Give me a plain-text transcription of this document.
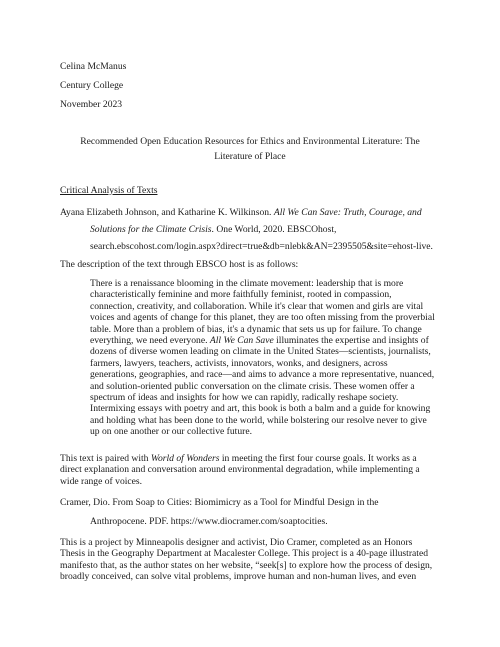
Celina McManus
Century College
November 2023
Recommended Open Education Resources for Ethics and Environmental Literature: The
Literature of Place
Critical Analysis of Texts
Ayana Elizabeth Johnson, and Katharine K. Wilkinson. All We Can Save: Truth, Courage, and
Solutions for the Climate Crisis. One World, 2020. EBSCOhost,
search.ebscohost.com/login.aspx?direct=true&db=nlebk&AN=2395505&site=ehost-live.
The description of the text through EBSCO host is as follows:
There is a renaissance blooming in the climate movement: leadership that is more
characteristically feminine and more faithfully feminist, rooted in compassion,
connection, creativity, and collaboration. While it's clear that women and girls are vital
voices and agents of change for this planet, they are too often missing from the proverbial
table. More than a problem of bias, it's a dynamic that sets us up for failure. To change
everything, we need everyone. All We Can Save illuminates the expertise and insights of
dozens of diverse women leading on climate in the United States—scientists, journalists,
farmers, lawyers, teachers, activists, innovators, wonks, and designers, across
generations, geographies, and race—and aims to advance a more representative, nuanced,
and solution-oriented public conversation on the climate crisis. These women offer a
spectrum of ideas and insights for how we can rapidly, radically reshape society.
Intermixing essays with poetry and art, this book is both a balm and a guide for knowing
and holding what has been done to the world, while bolstering our resolve never to give
up on one another or our collective future.
This text is paired with World of Wonders in meeting the first four course goals. It works as a
direct explanation and conversation around environmental degradation, while implementing a
wide range of voices.
Cramer, Dio. From Soap to Cities: Biomimicry as a Tool for Mindful Design in the
Anthropocene. PDF. https://www.diocramer.com/soaptocities.
This is a project by Minneapolis designer and activist, Dio Cramer, completed as an Honors
Thesis in the Geography Department at Macalester College. This project is a 40-page illustrated
manifesto that, as the author states on her website, “seek[s] to explore how the process of design,
broadly conceived, can solve vital problems, improve human and non-human lives, and even
